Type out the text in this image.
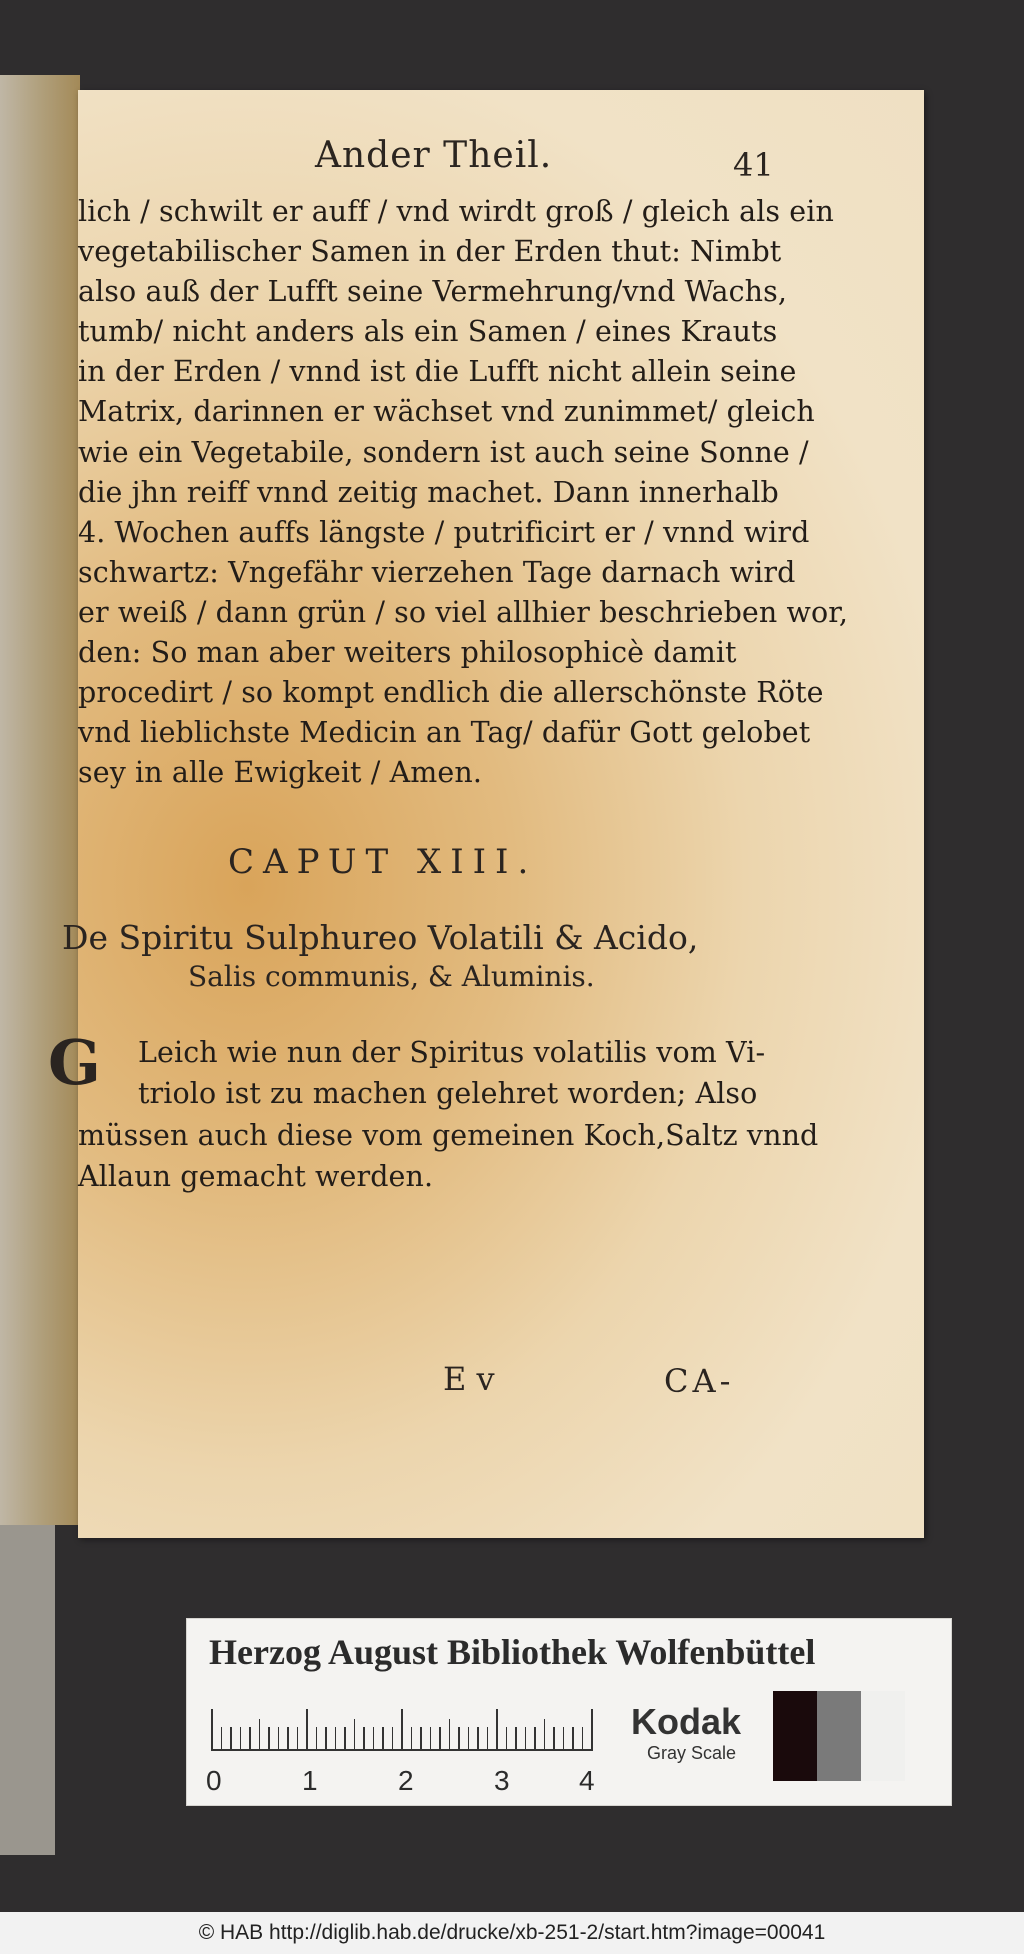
Ander Theil.	41
lich / schwilt er auff / vnd wirdt groß / gleich als ein
vegetabilischer Samen in der Erden thut: Nimbt
also auß der Lufft seine Vermehrung/vnd Wachs,
tumb/ nicht anders als ein Samen / eines Krauts
in der Erden / vnnd ist die Lufft nicht allein seine
Matrix, darinnen er wächset vnd zunimmet/ gleich
wie ein Vegetabile, sondern ist auch seine Sonne /
die jhn reiff vnnd zeitig machet. Dann innerhalb
4. Wochen auffs längste / putrificirt er / vnnd wird
schwartz: Vngefähr vierzehen Tage darnach wird
er weiß / dann grün / so viel allhier beschrieben wor,
den: So man aber weiters philosophicè damit
procedirt / so kompt endlich die allerschönste Röte
vnd lieblichste Medicin an Tag/ dafür Gott gelobet
sey in alle Ewigkeit / Amen.
CAPUT XIII.
De Spiritu Sulphureo Volatili & Acido,
Salis communis, & Aluminis.
G	Leich wie nun der Spiritus volatilis vom Vi-
triolo ist zu machen gelehret worden; Also
müssen auch diese vom gemeinen Koch,Saltz vnnd
Allaun gemacht werden.
E v	CA-
Herzog August Bibliothek Wolfenbüttel
0	1	2	3 4
Kodak
Gray Scale
© HAB http://diglib.hab.de/drucke/xb-251-2/start.htm?image=00041
